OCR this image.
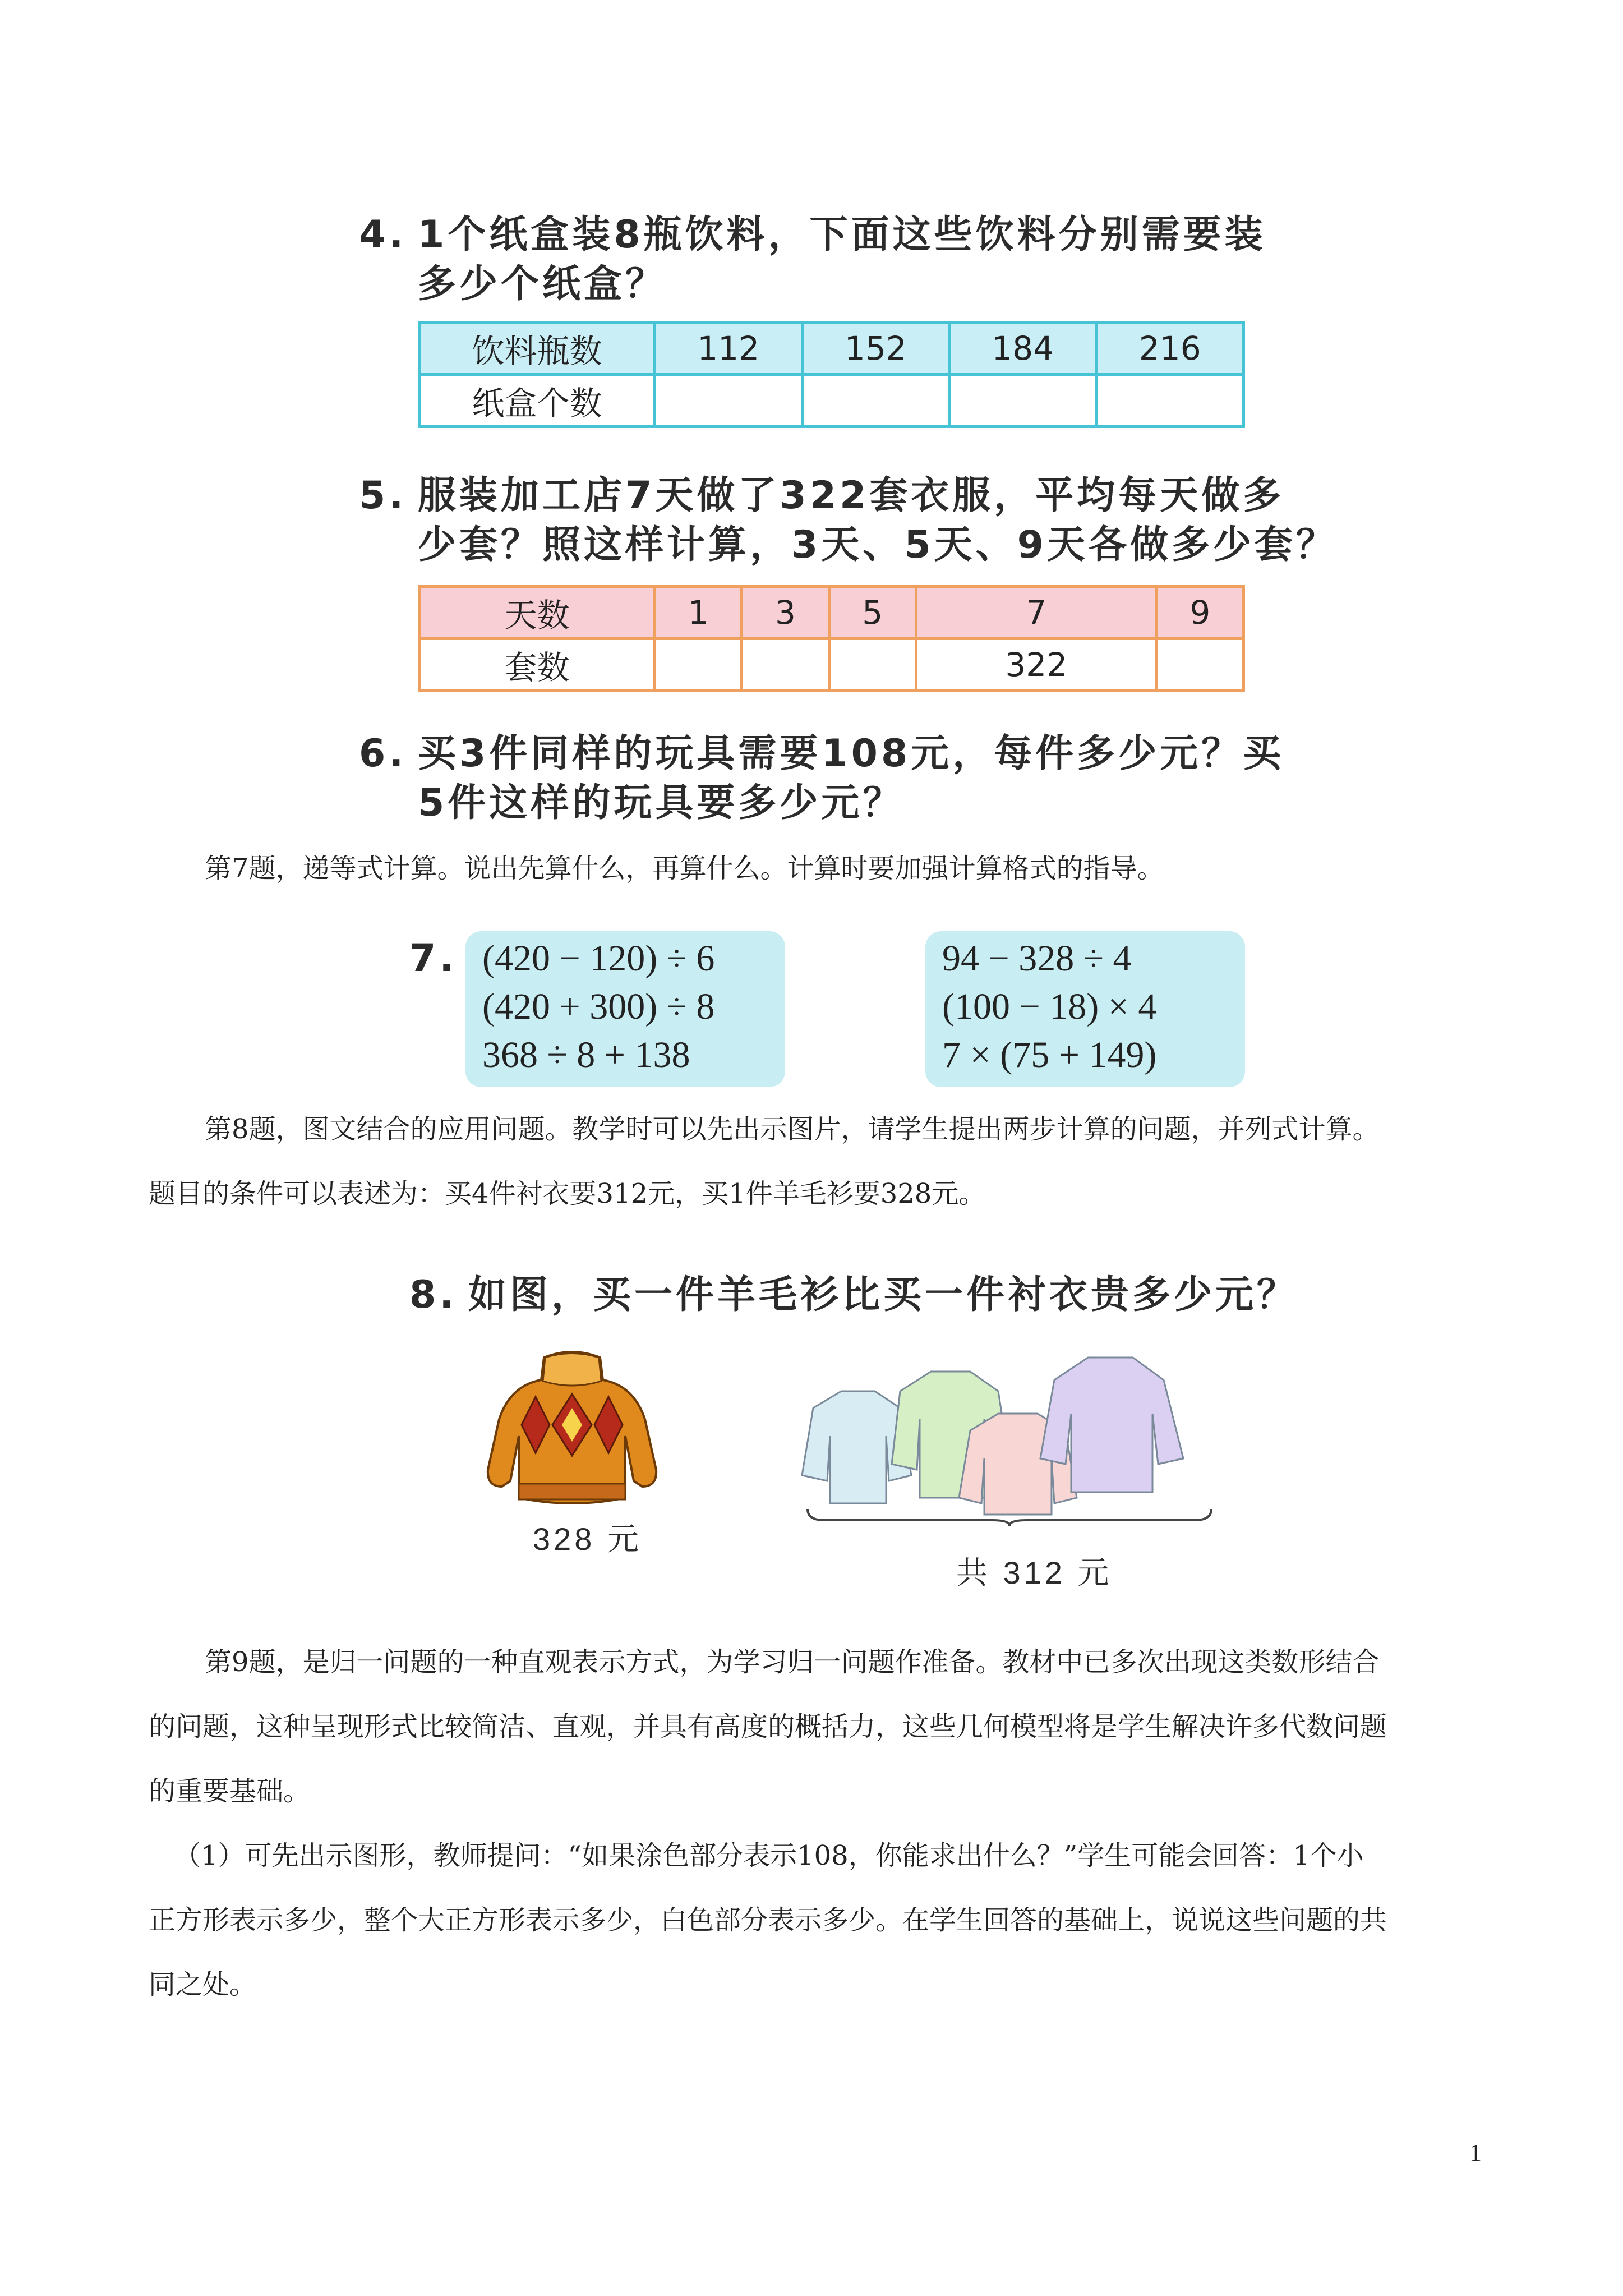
4. 1个纸盒装8瓶饮料，下面这些饮料分别需要装
多少个纸盒？
饮料瓶数	112	152	184	216
纸盒个数				
5. 服装加工店7天做了322套衣服，平均每天做多
少套？照这样计算，3天、5天、9天各做多少套？
天数	1	3	5	7	9
套数				322	
6. 买3件同样的玩具需要108元，每件多少元？买
5件这样的玩具要多少元？
第7题，递等式计算。说出先算什么，再算什么。计算时要加强计算格式的指导。
7. (420 − 120) ÷ 6
(420 + 300) ÷ 8
368 ÷ 8 + 138
94 − 328 ÷ 4
(100 − 18) × 4
7 × (75 + 149)
第8题，图文结合的应用问题。教学时可以先出示图片，请学生提出两步计算的问题，并列式计算。
题目的条件可以表述为：买4件衬衣要312元，买1件羊毛衫要328元。
8. 如图，买一件羊毛衫比买一件衬衣贵多少元？
328 元
共 312 元
第9题，是归一问题的一种直观表示方式，为学习归一问题作准备。教材中已多次出现这类数形结合
的问题，这种呈现形式比较简洁、直观，并具有高度的概括力，这些几何模型将是学生解决许多代数问题
的重要基础。
（1）可先出示图形，教师提问：“如果涂色部分表示108，你能求出什么？”学生可能会回答：1个小
正方形表示多少，整个大正方形表示多少，白色部分表示多少。在学生回答的基础上，说说这些问题的共
同之处。
1
